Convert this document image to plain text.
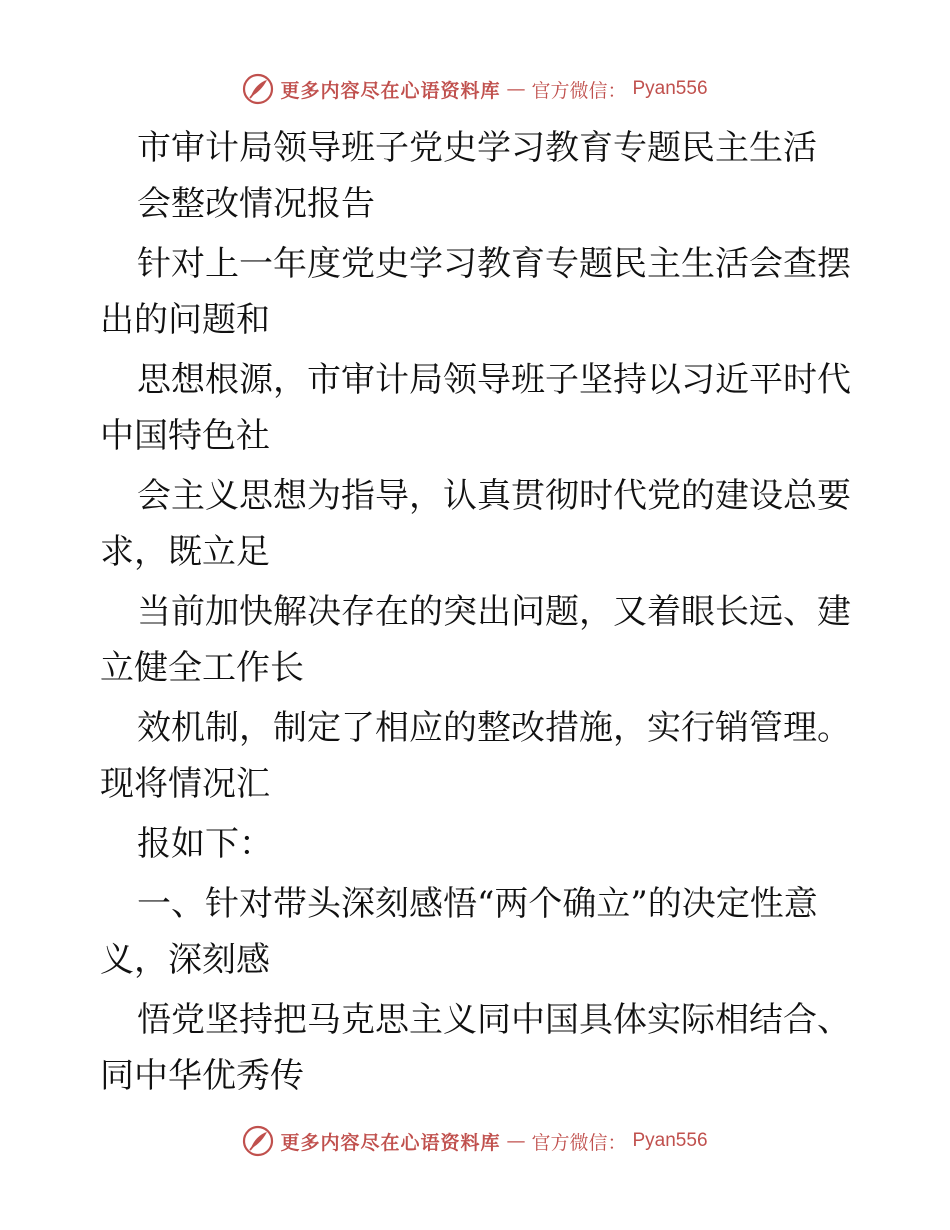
更多内容尽在心语资料库 — 官方微信： Pyan556
市审计局领导班子党史学习教育专题民主生活
会整改情况报告
针对上一年度党史学习教育专题民主生活会查摆
出的问题和
思想根源，市审计局领导班子坚持以习近平时代
中国特色社
会主义思想为指导，认真贯彻时代党的建设总要
求，既立足
当前加快解决存在的突出问题，又着眼长远、建
立健全工作长
效机制，制定了相应的整改措施，实行销管理。
现将情况汇
报如下：
一、针对带头深刻感悟“两个确立”的决定性意
义，深刻感
悟党坚持把马克思主义同中国具体实际相结合、
同中华优秀传
更多内容尽在心语资料库 — 官方微信： Pyan556
